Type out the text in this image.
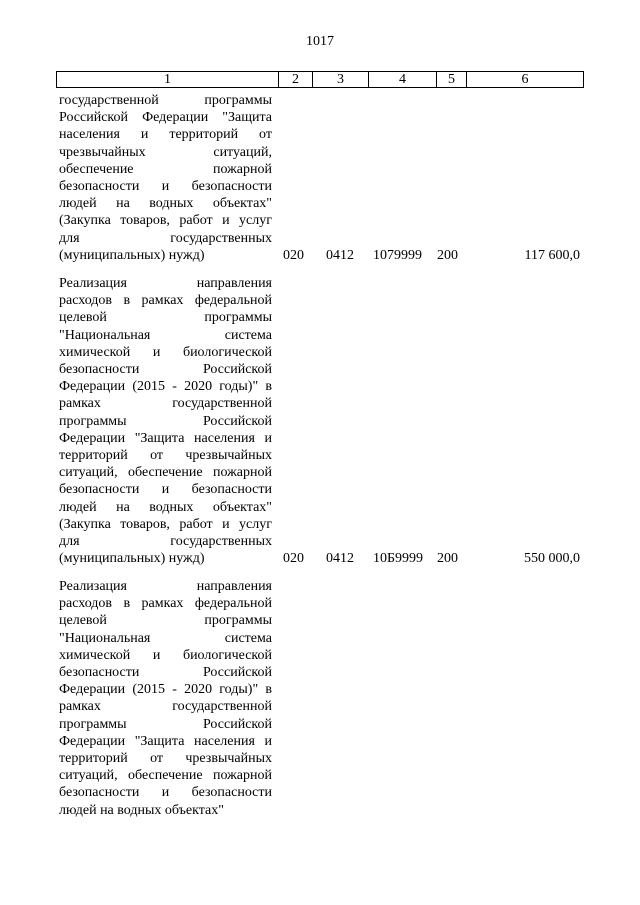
1017
1	2	3	4	5	6
государственной программы
Российской Федерации "Защита
населения и территорий от
чрезвычайных ситуаций,
обеспечение пожарной
безопасности и безопасности
людей на водных объектах"
(Закупка товаров, работ и услуг
для государственных
(муниципальных) нужд)	020 0412 1079999 200	117 600,0
Реализация направления
расходов в рамках федеральной
целевой программы
"Национальная система
химической и биологической
безопасности Российской
Федерации (2015 - 2020 годы)" в
рамках государственной
программы Российской
Федерации "Защита населения и
территорий от чрезвычайных
ситуаций, обеспечение пожарной
безопасности и безопасности
людей на водных объектах"
(Закупка товаров, работ и услуг
для государственных
(муниципальных) нужд)	020 0412 10Б9999 200	550 000,0
Реализация направления
расходов в рамках федеральной
целевой программы
"Национальная система
химической и биологической
безопасности Российской
Федерации (2015 - 2020 годы)" в
рамках государственной
программы Российской
Федерации "Защита населения и
территорий от чрезвычайных
ситуаций, обеспечение пожарной
безопасности и безопасности
людей на водных объектах"
